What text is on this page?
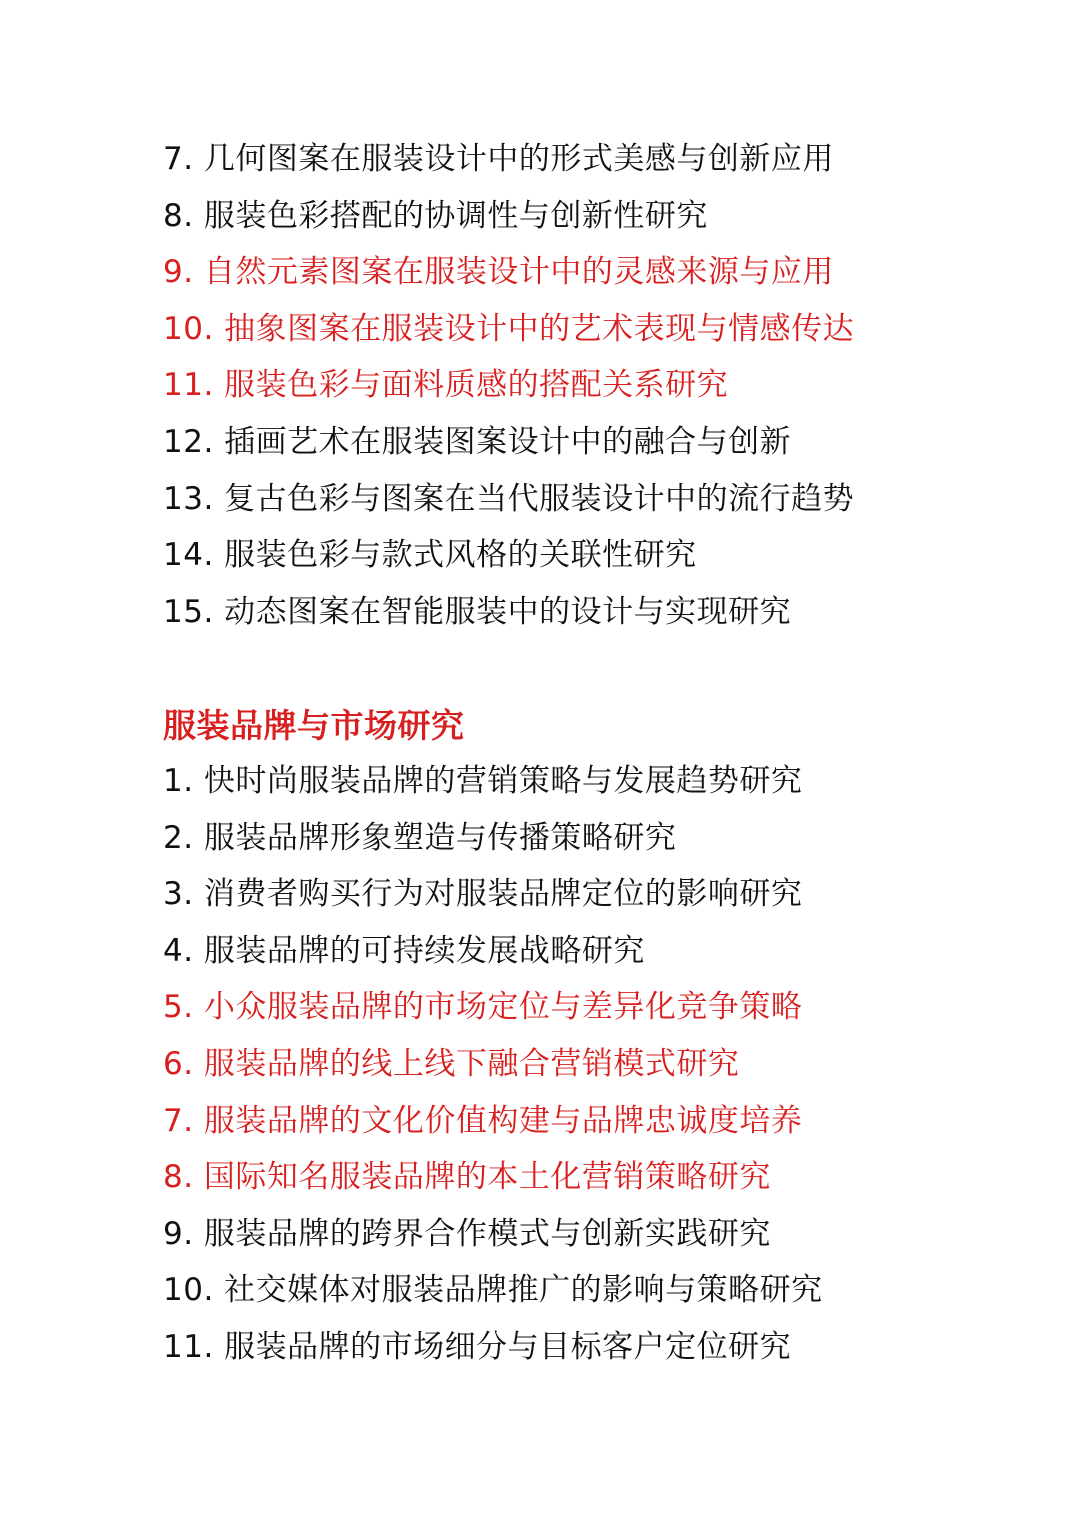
7. 几何图案在服装设计中的形式美感与创新应用
8. 服装色彩搭配的协调性与创新性研究
9. 自然元素图案在服装设计中的灵感来源与应用
10. 抽象图案在服装设计中的艺术表现与情感传达
11. 服装色彩与面料质感的搭配关系研究
12. 插画艺术在服装图案设计中的融合与创新
13. 复古色彩与图案在当代服装设计中的流行趋势
14. 服装色彩与款式风格的关联性研究
15. 动态图案在智能服装中的设计与实现研究
服装品牌与市场研究
1. 快时尚服装品牌的营销策略与发展趋势研究
2. 服装品牌形象塑造与传播策略研究
3. 消费者购买行为对服装品牌定位的影响研究
4. 服装品牌的可持续发展战略研究
5. 小众服装品牌的市场定位与差异化竞争策略
6. 服装品牌的线上线下融合营销模式研究
7. 服装品牌的文化价值构建与品牌忠诚度培养
8. 国际知名服装品牌的本土化营销策略研究
9. 服装品牌的跨界合作模式与创新实践研究
10. 社交媒体对服装品牌推广的影响与策略研究
11. 服装品牌的市场细分与目标客户定位研究
